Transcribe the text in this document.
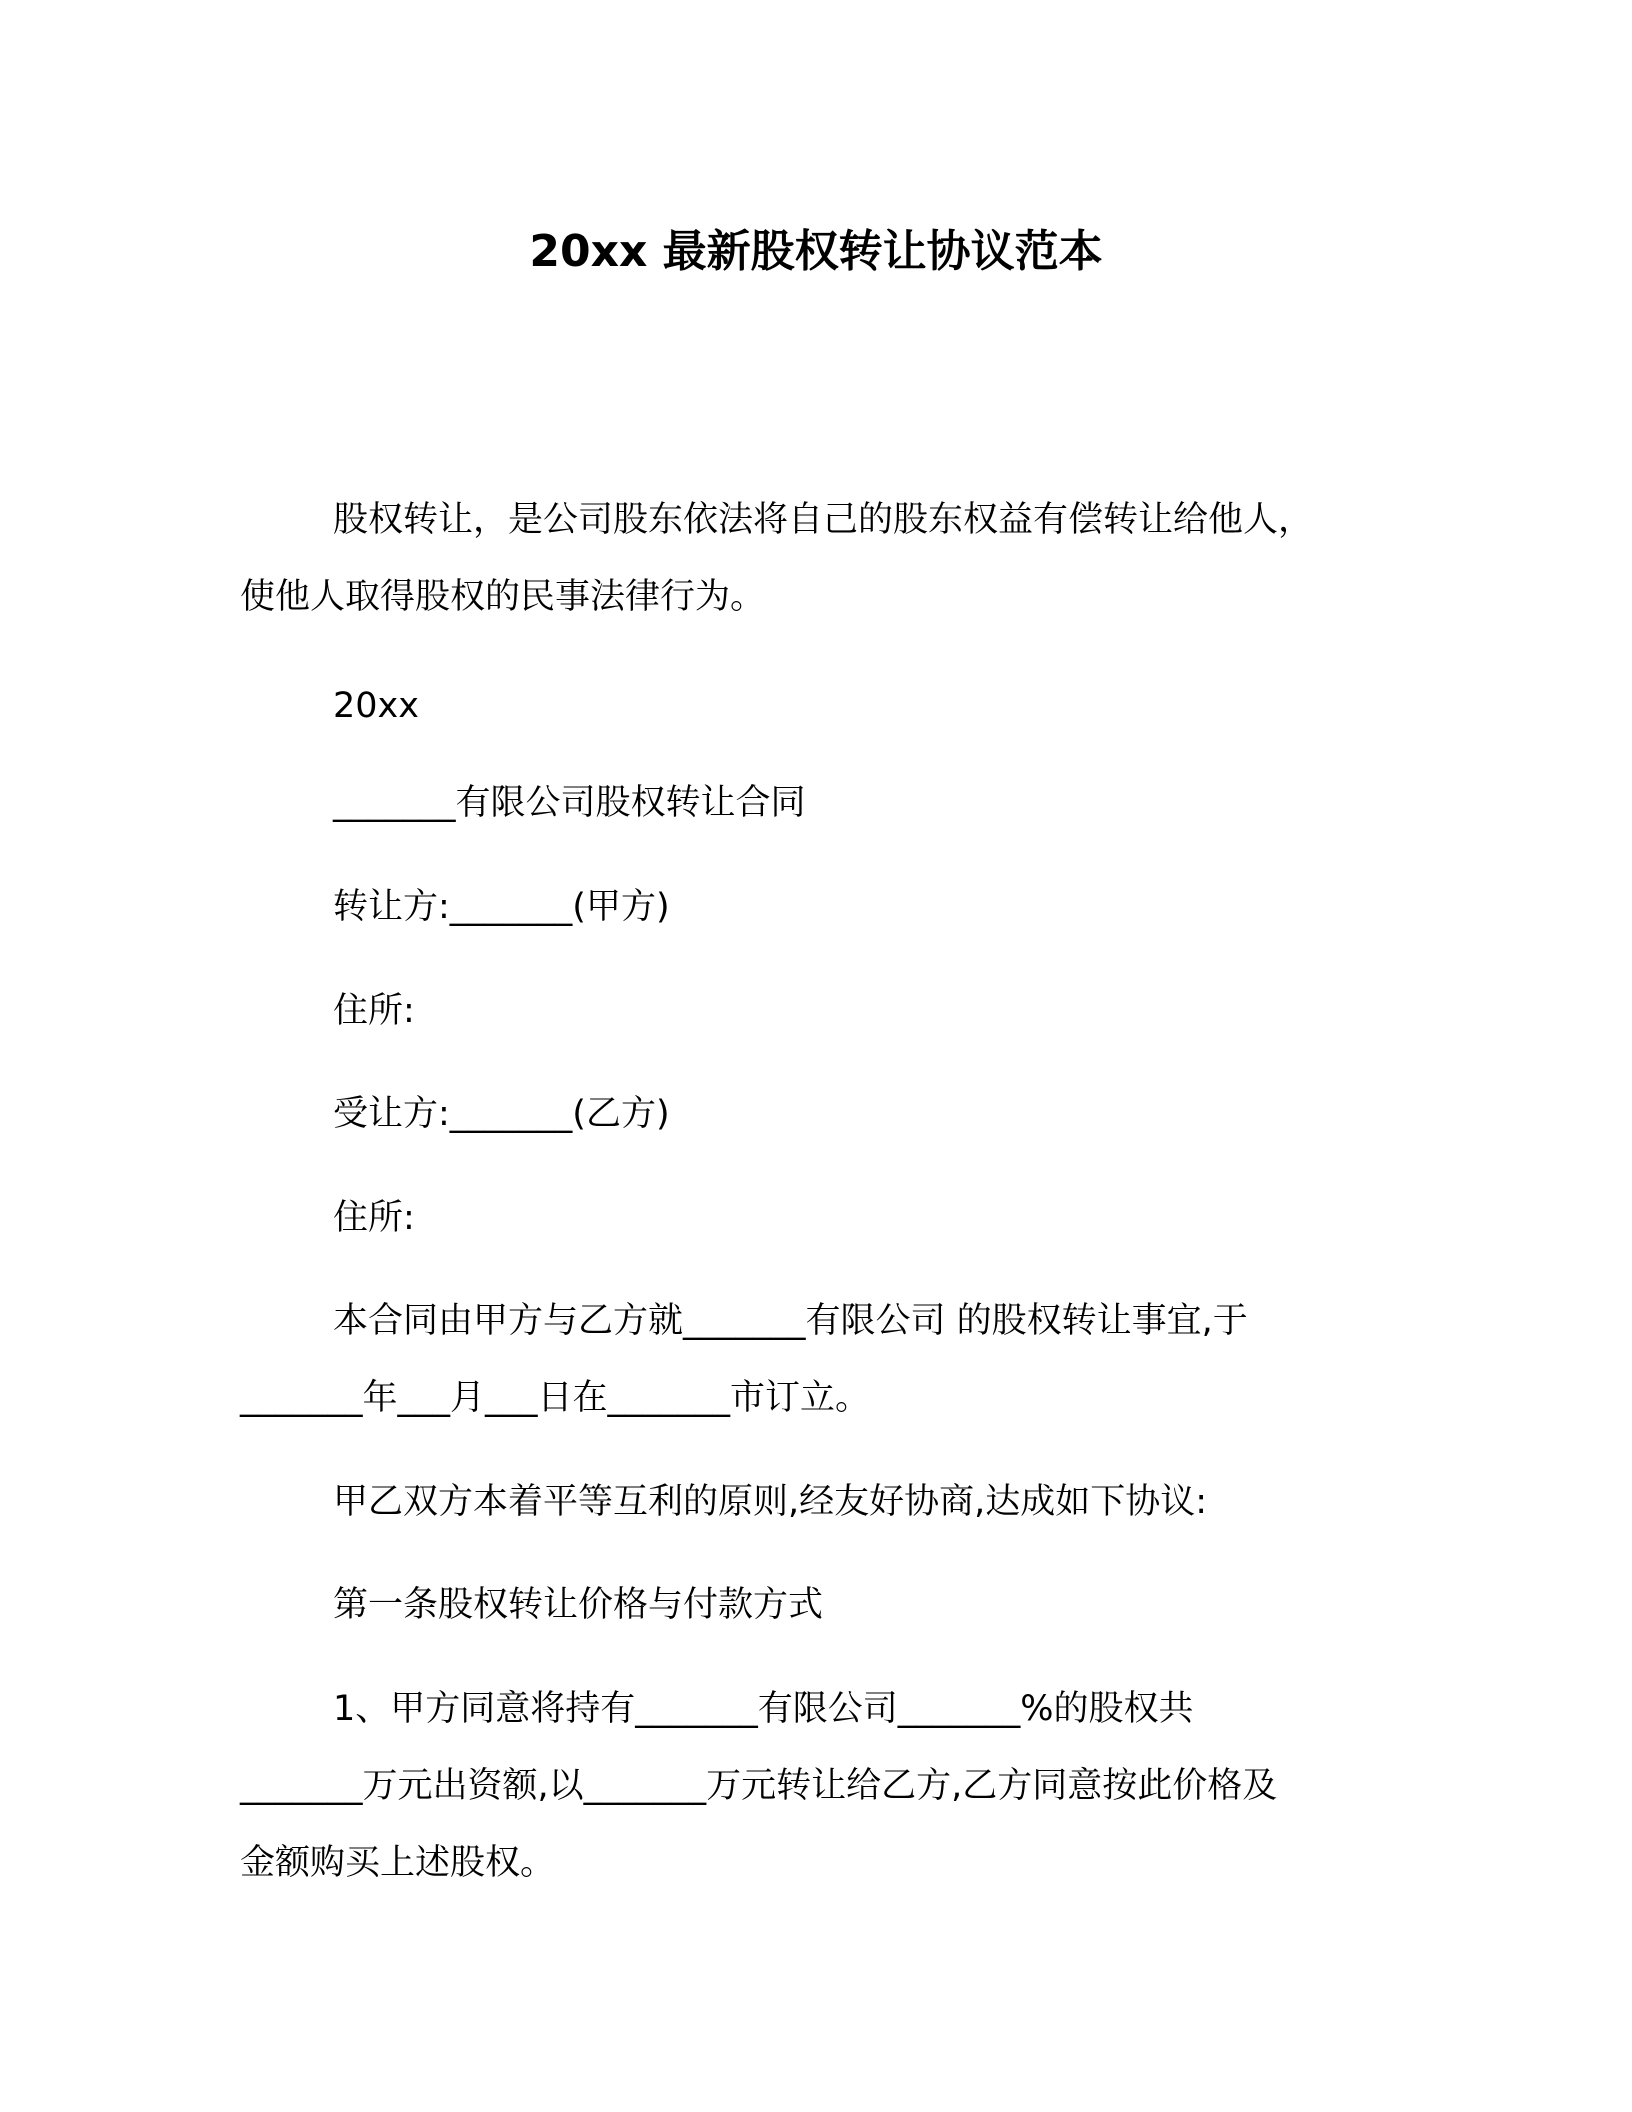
20xx 最新股权转让协议范本
股权转让，是公司股东依法将自己的股东权益有偿转让给他人，
使他人取得股权的民事法律行为。
20xx
_______有限公司股权转让合同
转让方:_______(甲方)
住所:
受让方:_______(乙方)
住所:
本合同由甲方与乙方就_______有限公司 的股权转让事宜,于
_______年___月___日在_______市订立。
甲乙双方本着平等互利的原则,经友好协商,达成如下协议:
第一条股权转让价格与付款方式
1、甲方同意将持有_______有限公司_______%的股权共
_______万元出资额,以_______万元转让给乙方,乙方同意按此价格及
金额购买上述股权。
